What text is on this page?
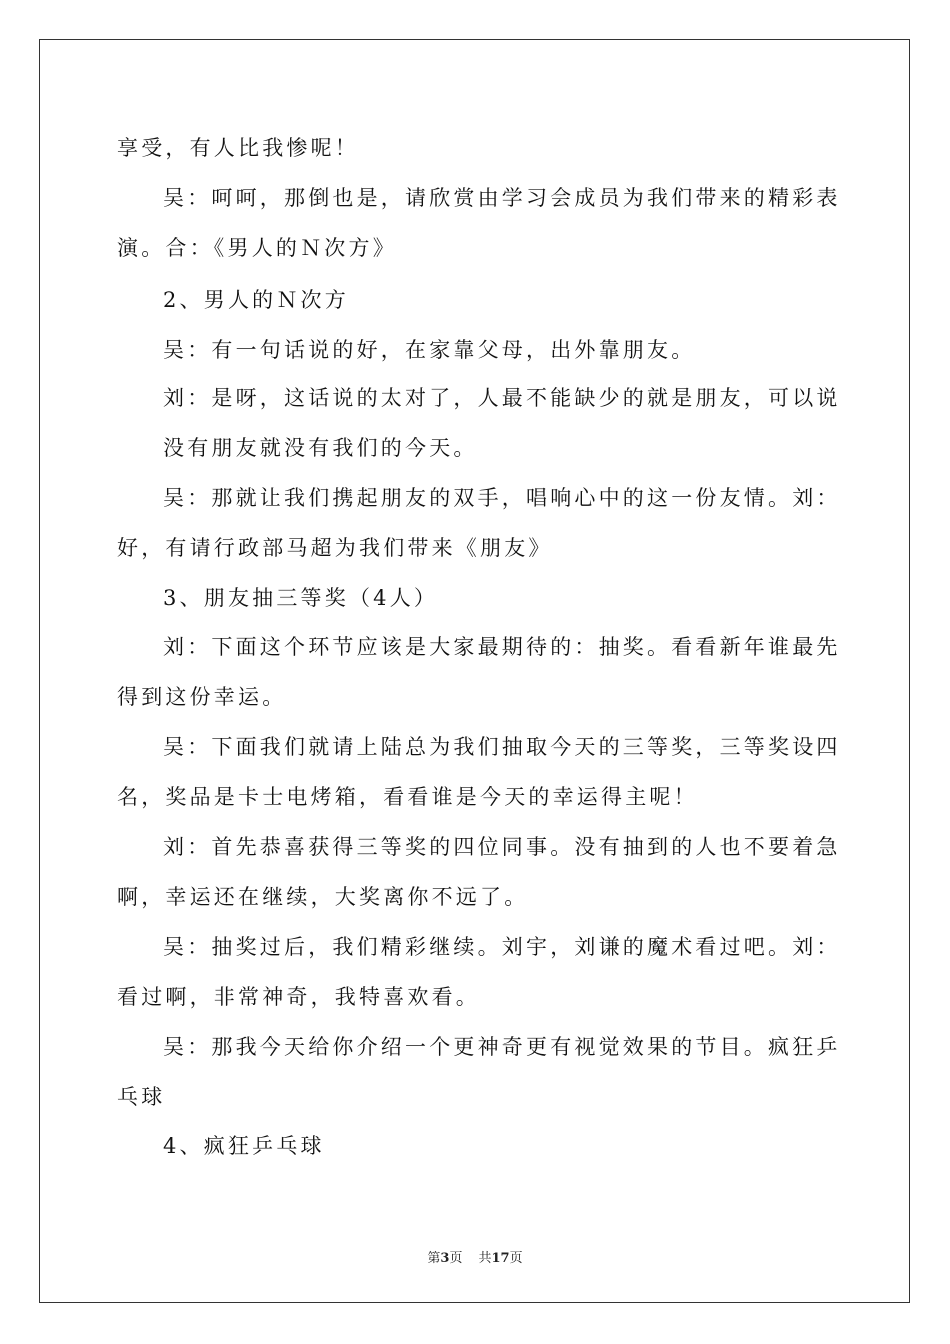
享受，有人比我惨呢！
吴：呵呵，那倒也是，请欣赏由学习会成员为我们带来的精彩表
演。合：《男人的Ｎ次方》
2、男人的Ｎ次方
吴：有一句话说的好，在家靠父母，出外靠朋友。
刘：是呀，这话说的太对了，人最不能缺少的就是朋友，可以说
没有朋友就没有我们的今天。
吴：那就让我们携起朋友的双手，唱响心中的这一份友情。刘：
好，有请行政部马超为我们带来《朋友》
3、朋友抽三等奖（4人）
刘：下面这个环节应该是大家最期待的：抽奖。看看新年谁最先
得到这份幸运。
吴：下面我们就请上陆总为我们抽取今天的三等奖，三等奖设四
名，奖品是卡士电烤箱，看看谁是今天的幸运得主呢！
刘：首先恭喜获得三等奖的四位同事。没有抽到的人也不要着急
啊，幸运还在继续，大奖离你不远了。
吴：抽奖过后，我们精彩继续。刘宇，刘谦的魔术看过吧。刘：
看过啊，非常神奇，我特喜欢看。
吴：那我今天给你介绍一个更神奇更有视觉效果的节目。疯狂乒
乓球
4、疯狂乒乓球
第3页 共17页
